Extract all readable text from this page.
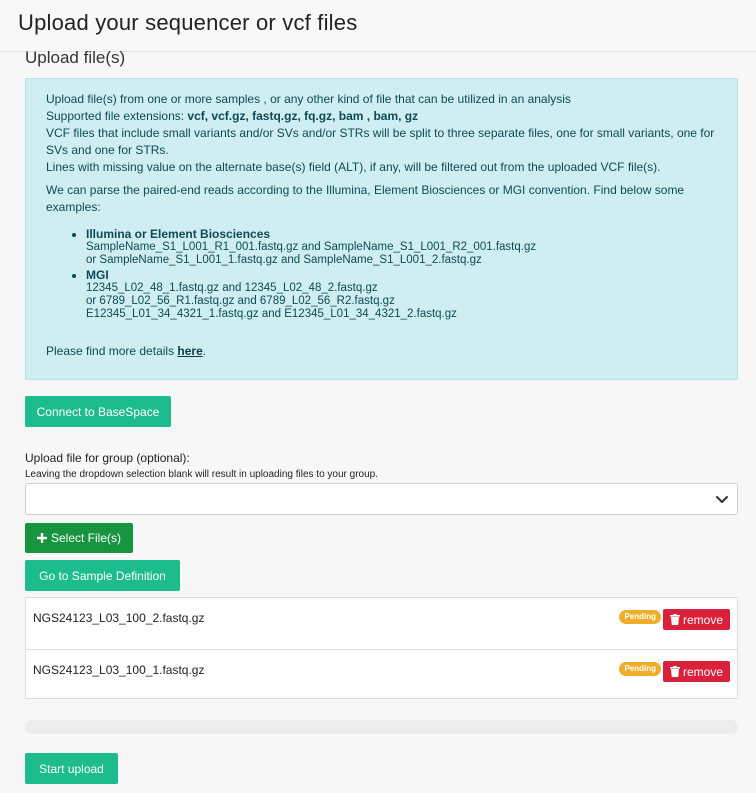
Upload your sequencer or vcf files
Upload file(s)

Upload file(s) from one or more samples , or any other kind of file that can be utilized in an analysis

Supported file extensions: vcf, vcf.gz, fastq.gz, fq.gz, bam , bam, gz

VCF files that include small variants and/or SVs and/or STRs will be split to three separate files, one for small variants, one for SVs and one for STRs.

Lines with missing value on the alternate base(s) field (ALT), if any, will be filtered out from the uploaded VCF file(s).

We can parse the paired-end reads according to the Illumina, Element Biosciences or MGI convention. Find below some examples:

• Illumina or Element Biosciences
SampleName_S1_L001_R1_001.fastq.gz and SampleName_S1_L001_R2_001.fastq.gz
or SampleName_S1_L001_1.fastq.gz and SampleName_S1_L001_2.fastq.gz
• MGI
12345_L02_48_1.fastq.gz and 12345_L02_48_2.fastq.gz
or 6789_L02_56_R1.fastq.gz and 6789_L02_56_R2.fastq.gz
E12345_L01_34_4321_1.fastq.gz and E12345_L01_34_4321_2.fastq.gz

Please find more details here.

Connect to BaseSpace
Upload file for group (optional):
Leaving the dropdown selection blank will result in uploading files to your group.
Select File(s)
Go to Sample Definition
NGS24123_L03_100_2.fastq.gz	Pending	remove
NGS24123_L03_100_1.fastq.gz	Pending	remove
Start upload
